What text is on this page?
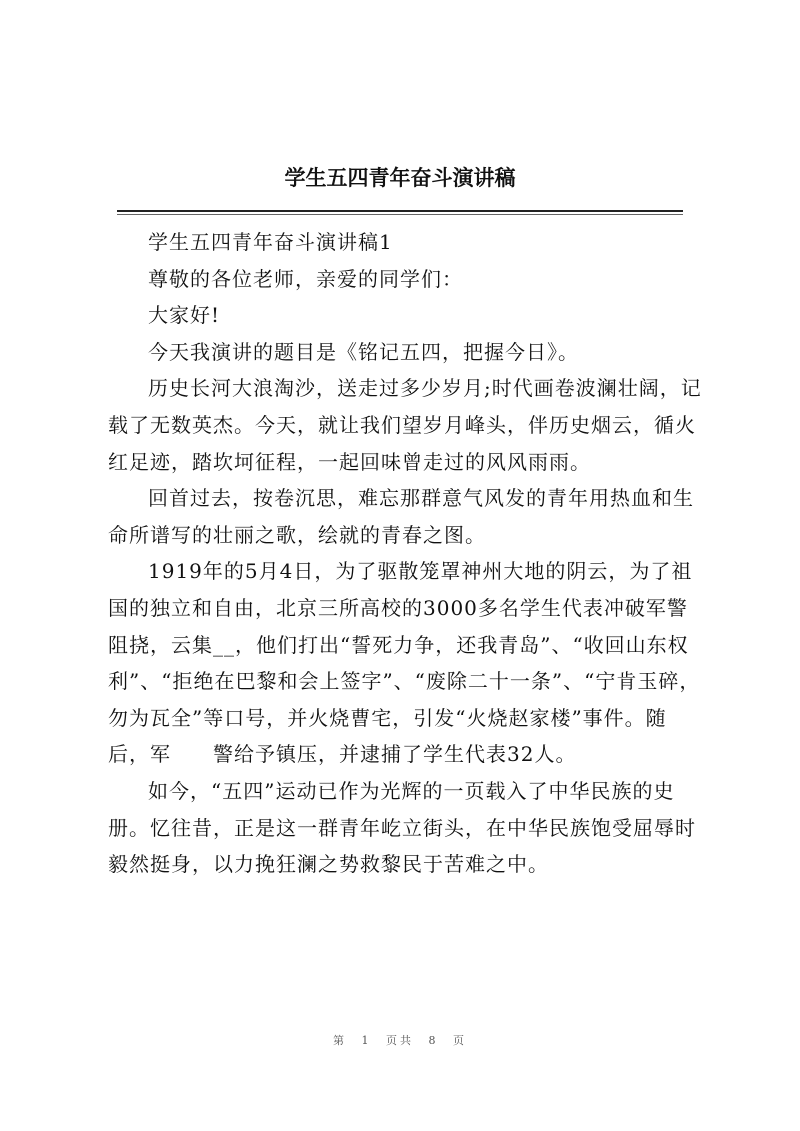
学生五四青年奋斗演讲稿

学生五四青年奋斗演讲稿1

尊敬的各位老师，亲爱的同学们：

大家好!

今天我演讲的题目是《铭记五四，把握今日》。

历史长河大浪淘沙，送走过多少岁月;时代画卷波澜壮阔，记载了无数英杰。今天，就让我们望岁月峰头，伴历史烟云，循火红足迹，踏坎坷征程，一起回味曾走过的风风雨雨。

回首过去，按卷沉思，难忘那群意气风发的青年用热血和生命所谱写的壮丽之歌，绘就的青春之图。

1919年的5月4日，为了驱散笼罩神州大地的阴云，为了祖国的独立和自由，北京三所高校的3000多名学生代表冲破军警阻挠，云集__，他们打出“誓死力争，还我青岛”、“收回山东权利”、“拒绝在巴黎和会上签字”、“废除二十一条”、“宁肯玉碎，勿为瓦全”等口号，并火烧曹宅，引发“火烧赵家楼”事件。随后，军　　警给予镇压，并逮捕了学生代表32人。

如今，“五四”运动已作为光辉的一页载入了中华民族的史册。忆往昔，正是这一群青年屹立街头，在中华民族饱受屈辱时毅然挺身，以力挽狂澜之势救黎民于苦难之中。

第 1 页共 8 页
